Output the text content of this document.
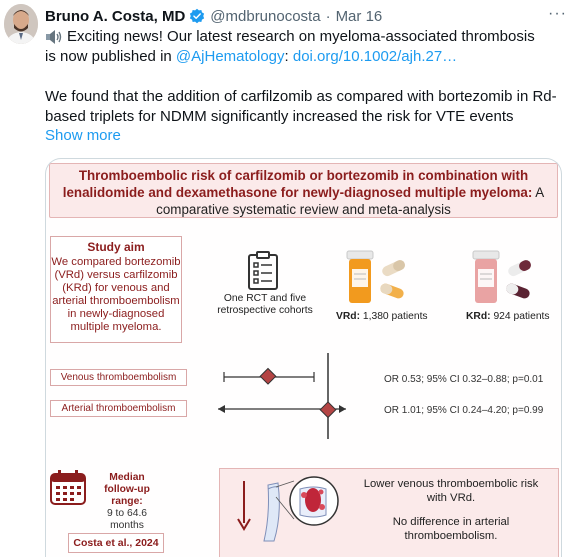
Bruno A. Costa, MD @mdbrunocosta · Mar 16	···

Exciting news! Our latest research on myeloma-associated thrombosis

is now published in @AjHematology: doi.org/10.1002/ajh.27…

We found that the addition of carfilzomib as compared with bortezomib in Rd-based triplets for NDMM significantly increased the risk for VTE events

Show more
Thromboembolic risk of carfilzomib or bortezomib in combination with lenalidomide and dexamethasone for newly-diagnosed multiple myeloma: A comparative systematic review and meta-analysis
Study aim
We compared bortezomib (VRd) versus carfilzomib (KRd) for venous and arterial thromboembolism in newly-diagnosed multiple myeloma.
One RCT and five retrospective cohorts
VRd: 1,380 patients	KRd: 924 patients
Venous thromboembolism
Arterial thromboembolism
OR 0.53; 95% CI 0.32–0.88; p=0.01
OR 1.01; 95% CI 0.24–4.20; p=0.99
Median follow-up range:
9 to 64.6 months
Costa et al., 2024
Lower venous thromboembolic risk with VRd.
No difference in arterial thromboembolism.
